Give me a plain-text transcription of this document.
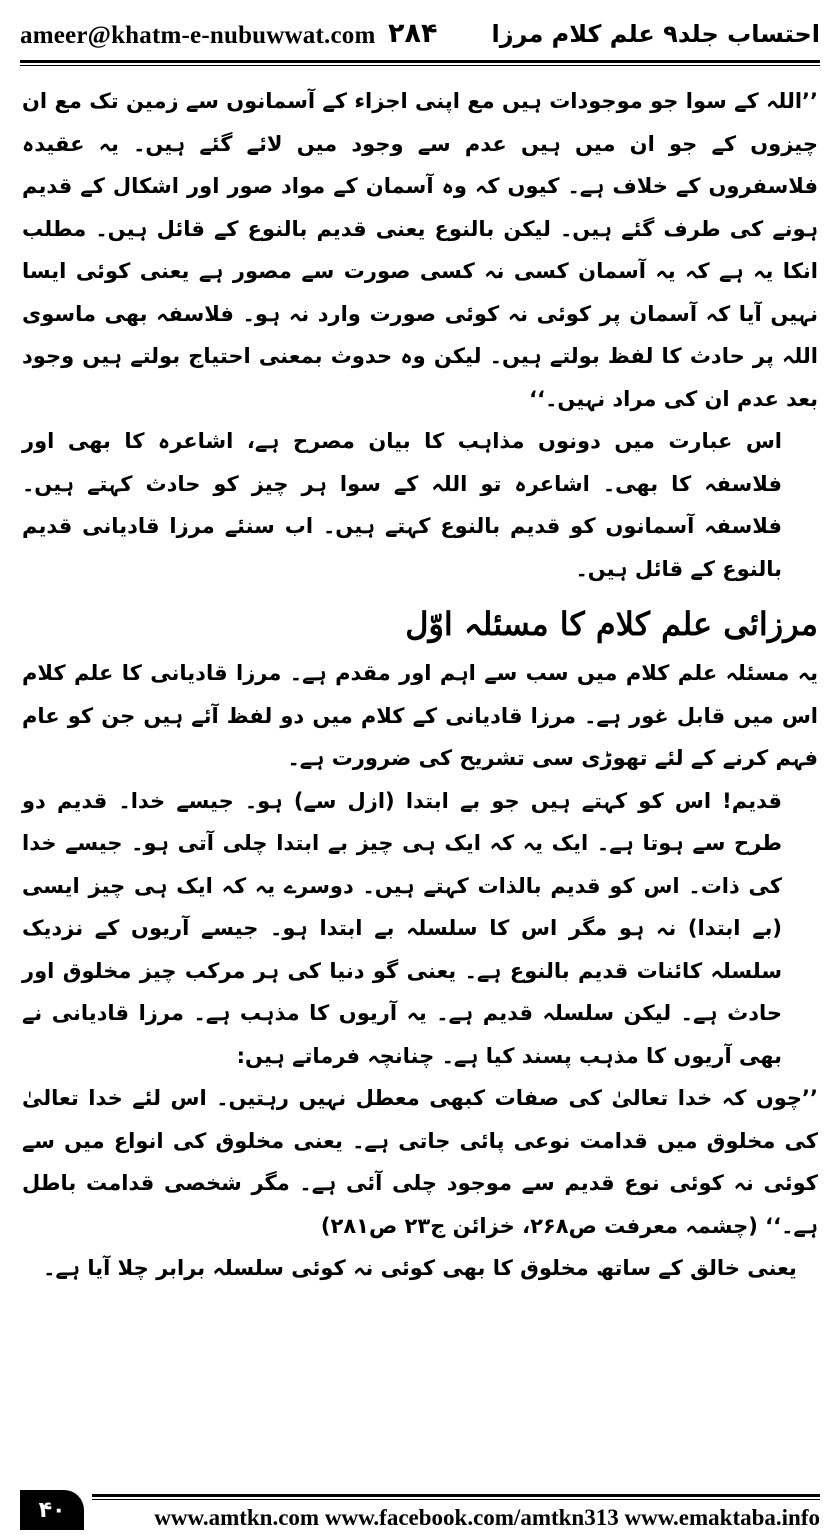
ameer@khatm-e-nubuwwat.com ۲۸۴ احتساب جلد۹ علم کلام مرزا

’’اللہ کے سوا جو موجودات ہیں مع اپنی اجزاء کے آسمانوں سے زمین تک مع ان چیزوں کے جو ان میں ہیں عدم سے وجود میں لائے گئے ہیں۔ یہ عقیدہ فلاسفروں کے خلاف ہے۔ کیوں کہ وہ آسمان کے مواد صور اور اشکال کے قدیم ہونے کی طرف گئے ہیں۔ لیکن بالنوع یعنی قدیم بالنوع کے قائل ہیں۔ مطلب انکا یہ ہے کہ یہ آسمان کسی نہ کسی صورت سے مصور ہے یعنی کوئی ایسا نہیں آیا کہ آسمان پر کوئی نہ کوئی صورت وارد نہ ہو۔ فلاسفہ بھی ماسوی اللہ پر حادث کا لفظ بولتے ہیں۔ لیکن وہ حدوث بمعنی احتیاج بولتے ہیں وجود بعد عدم ان کی مراد نہیں۔‘‘

اس عبارت میں دونوں مذاہب کا بیان مصرح ہے، اشاعرہ کا بھی اور فلاسفہ کا بھی۔ اشاعرہ تو اللہ کے سوا ہر چیز کو حادث کہتے ہیں۔ فلاسفہ آسمانوں کو قدیم بالنوع کہتے ہیں۔ اب سنئے مرزا قادیانی قدیم بالنوع کے قائل ہیں۔

مرزائی علم کلام کا مسئلہ اوّل

یہ مسئلہ علم کلام میں سب سے اہم اور مقدم ہے۔ مرزا قادیانی کا علم کلام اس میں قابل غور ہے۔ مرزا قادیانی کے کلام میں دو لفظ آئے ہیں جن کو عام فہم کرنے کے لئے تھوڑی سی تشریح کی ضرورت ہے۔

قدیم! اس کو کہتے ہیں جو بے ابتدا (ازل سے) ہو۔ جیسے خدا۔ قدیم دو طرح سے ہوتا ہے۔ ایک یہ کہ ایک ہی چیز بے ابتدا چلی آتی ہو۔ جیسے خدا کی ذات۔ اس کو قدیم بالذات کہتے ہیں۔ دوسرے یہ کہ ایک ہی چیز ایسی (بے ابتدا) نہ ہو مگر اس کا سلسلہ بے ابتدا ہو۔ جیسے آریوں کے نزدیک سلسلہ کائنات قدیم بالنوع ہے۔ یعنی گو دنیا کی ہر مرکب چیز مخلوق اور حادث ہے۔ لیکن سلسلہ قدیم ہے۔ یہ آریوں کا مذہب ہے۔ مرزا قادیانی نے بھی آریوں کا مذہب پسند کیا ہے۔ چنانچہ فرماتے ہیں:

’’چوں کہ خدا تعالیٰ کی صفات کبھی معطل نہیں رہتیں۔ اس لئے خدا تعالیٰ کی مخلوق میں قدامت نوعی پائی جاتی ہے۔ یعنی مخلوق کی انواع میں سے کوئی نہ کوئی نوع قدیم سے موجود چلی آئی ہے۔ مگر شخصی قدامت باطل ہے۔‘‘ (چشمہ معرفت ص۲۶۸، خزائن ج۲۳ ص۲۸۱)

یعنی خالق کے ساتھ مخلوق کا بھی کوئی نہ کوئی سلسلہ برابر چلا آیا ہے۔

۴۰	www.amtkn.com www.facebook.com/amtkn313 www.emaktaba.info
